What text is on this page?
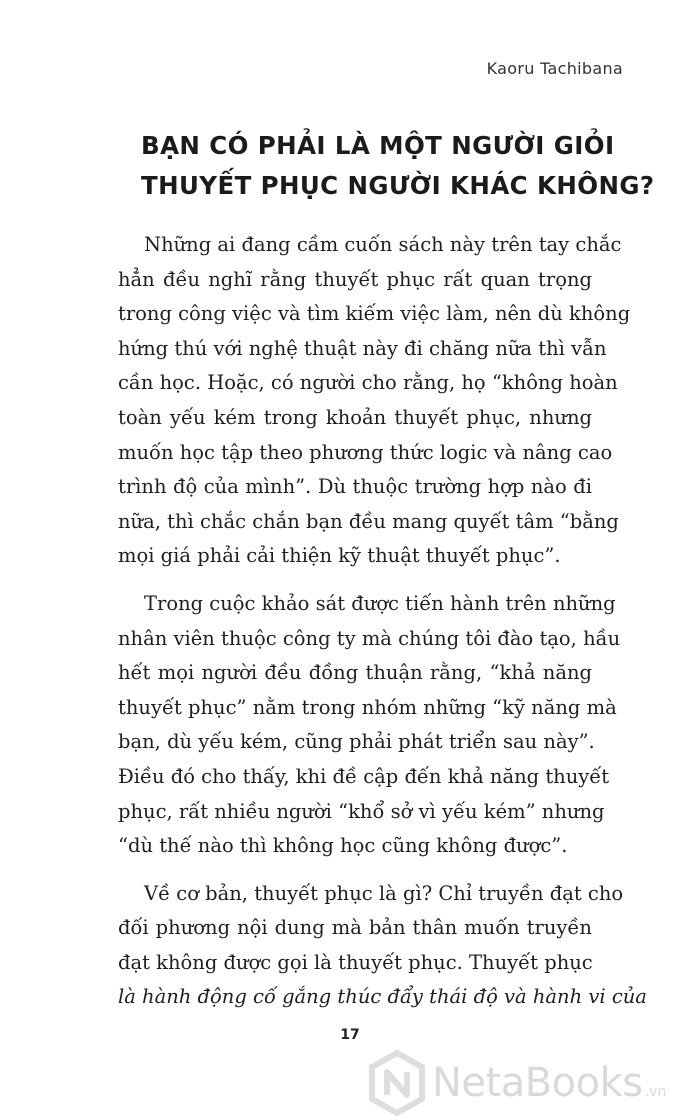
Kaoru Tachibana
BẠN CÓ PHẢI LÀ MỘT NGƯỜI GIỎI
THUYẾT PHỤC NGƯỜI KHÁC KHÔNG?
Những ai đang cầm cuốn sách này trên tay chắc
hẳn đều nghĩ rằng thuyết phục rất quan trọng
trong công việc và tìm kiếm việc làm, nên dù không
hứng thú với nghệ thuật này đi chăng nữa thì vẫn
cần học. Hoặc, có người cho rằng, họ “không hoàn
toàn yếu kém trong khoản thuyết phục, nhưng
muốn học tập theo phương thức logic và nâng cao
trình độ của mình”. Dù thuộc trường hợp nào đi
nữa, thì chắc chắn bạn đều mang quyết tâm “bằng
mọi giá phải cải thiện kỹ thuật thuyết phục”.
Trong cuộc khảo sát được tiến hành trên những
nhân viên thuộc công ty mà chúng tôi đào tạo, hầu
hết mọi người đều đồng thuận rằng, “khả năng
thuyết phục” nằm trong nhóm những “kỹ năng mà
bạn, dù yếu kém, cũng phải phát triển sau này”.
Điều đó cho thấy, khi đề cập đến khả năng thuyết
phục, rất nhiều người “khổ sở vì yếu kém” nhưng
“dù thế nào thì không học cũng không được”.
Về cơ bản, thuyết phục là gì? Chỉ truyền đạt cho
đối phương nội dung mà bản thân muốn truyền
đạt không được gọi là thuyết phục. Thuyết phục
là hành động cố gắng thúc đẩy thái độ và hành vi của
17
NetaBooks .vn
